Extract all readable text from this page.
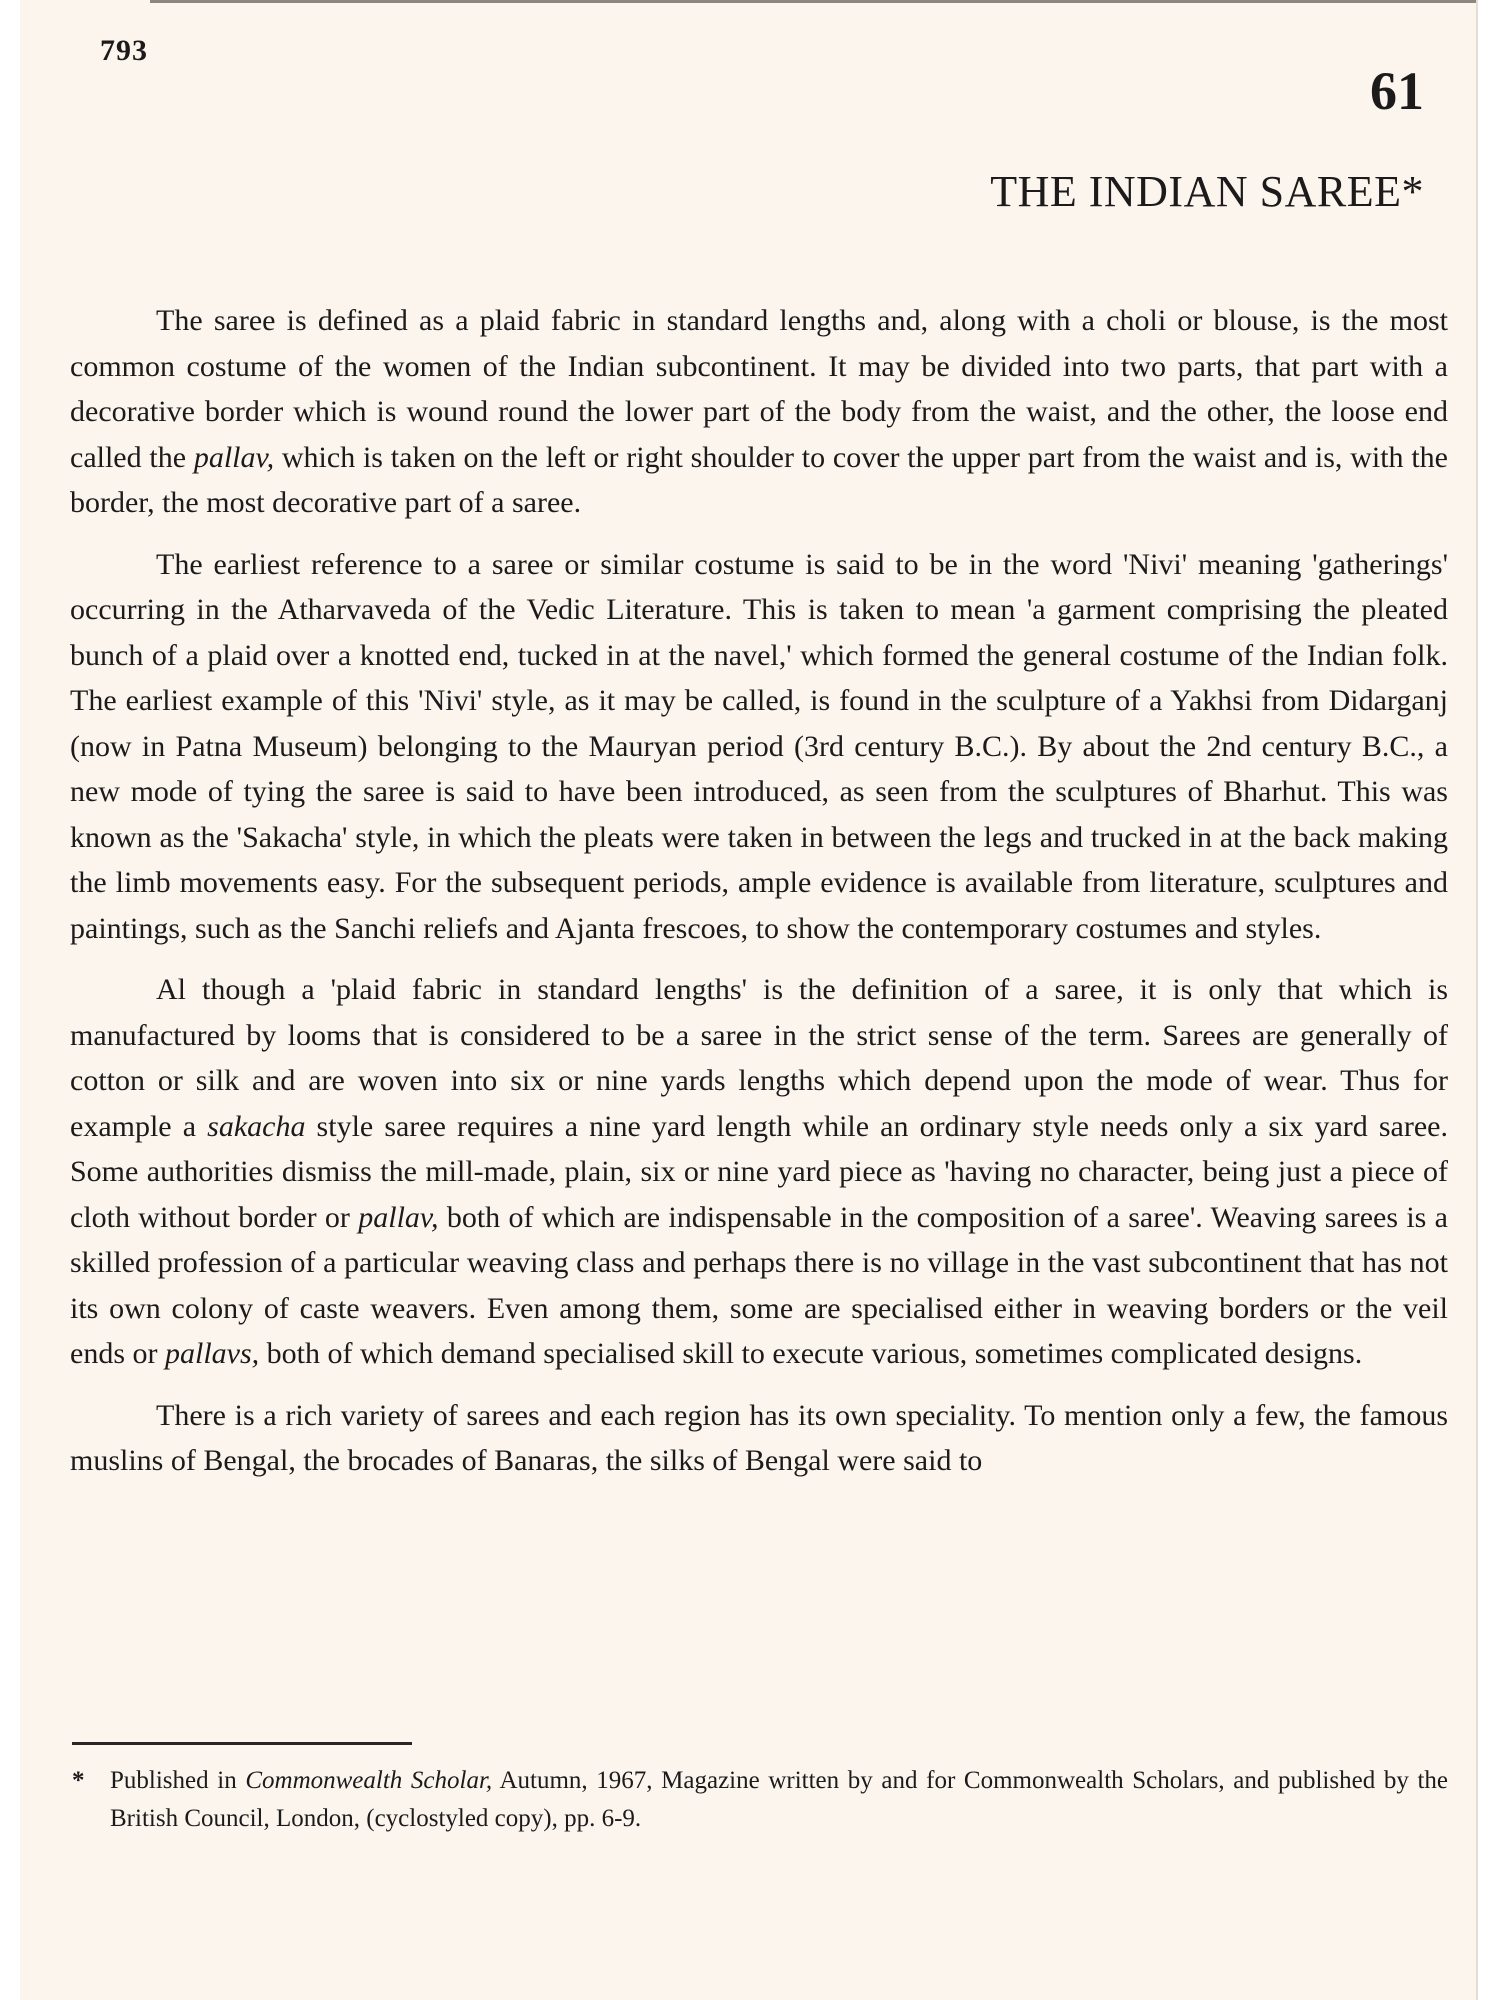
793
61
THE INDIAN SAREE*

The saree is defined as a plaid fabric in standard lengths and, along with a choli or blouse, is the most common costume of the women of the Indian subcontinent. It may be divided into two parts, that part with a decorative border which is wound round the lower part of the body from the waist, and the other, the loose end called the pallav, which is taken on the left or right shoulder to cover the upper part from the waist and is, with the border, the most decorative part of a saree.

The earliest reference to a saree or similar costume is said to be in the word 'Nivi' meaning 'gatherings' occurring in the Atharvaveda of the Vedic Literature. This is taken to mean 'a garment comprising the pleated bunch of a plaid over a knotted end, tucked in at the navel,' which formed the general costume of the Indian folk. The earliest example of this 'Nivi' style, as it may be called, is found in the sculpture of a Yakhsi from Didarganj (now in Patna Museum) belonging to the Mauryan period (3rd century B.C.). By about the 2nd century B.C., a new mode of tying the saree is said to have been introduced, as seen from the sculptures of Bharhut. This was known as the 'Sakacha' style, in which the pleats were taken in between the legs and trucked in at the back making the limb movements easy. For the subsequent periods, ample evidence is available from literature, sculptures and paintings, such as the Sanchi reliefs and Ajanta frescoes, to show the contemporary costumes and styles.

Al though a 'plaid fabric in standard lengths' is the definition of a saree, it is only that which is manufactured by looms that is considered to be a saree in the strict sense of the term. Sarees are generally of cotton or silk and are woven into six or nine yards lengths which depend upon the mode of wear. Thus for example a sakacha style saree requires a nine yard length while an ordinary style needs only a six yard saree. Some authorities dismiss the mill-made, plain, six or nine yard piece as 'having no character, being just a piece of cloth without border or pallav, both of which are indispensable in the composition of a saree'. Weaving sarees is a skilled profession of a particular weaving class and perhaps there is no village in the vast subcontinent that has not its own colony of caste weavers. Even among them, some are specialised either in weaving borders or the veil ends or pallavs, both of which demand specialised skill to execute various, sometimes complicated designs.

There is a rich variety of sarees and each region has its own speciality. To mention only a few, the famous muslins of Bengal, the brocades of Banaras, the silks of Bengal were said to

*	Published in Commonwealth Scholar, Autumn, 1967, Magazine written by and for Commonwealth Scholars, and published by the British Council, London, (cyclostyled copy), pp. 6-9.
